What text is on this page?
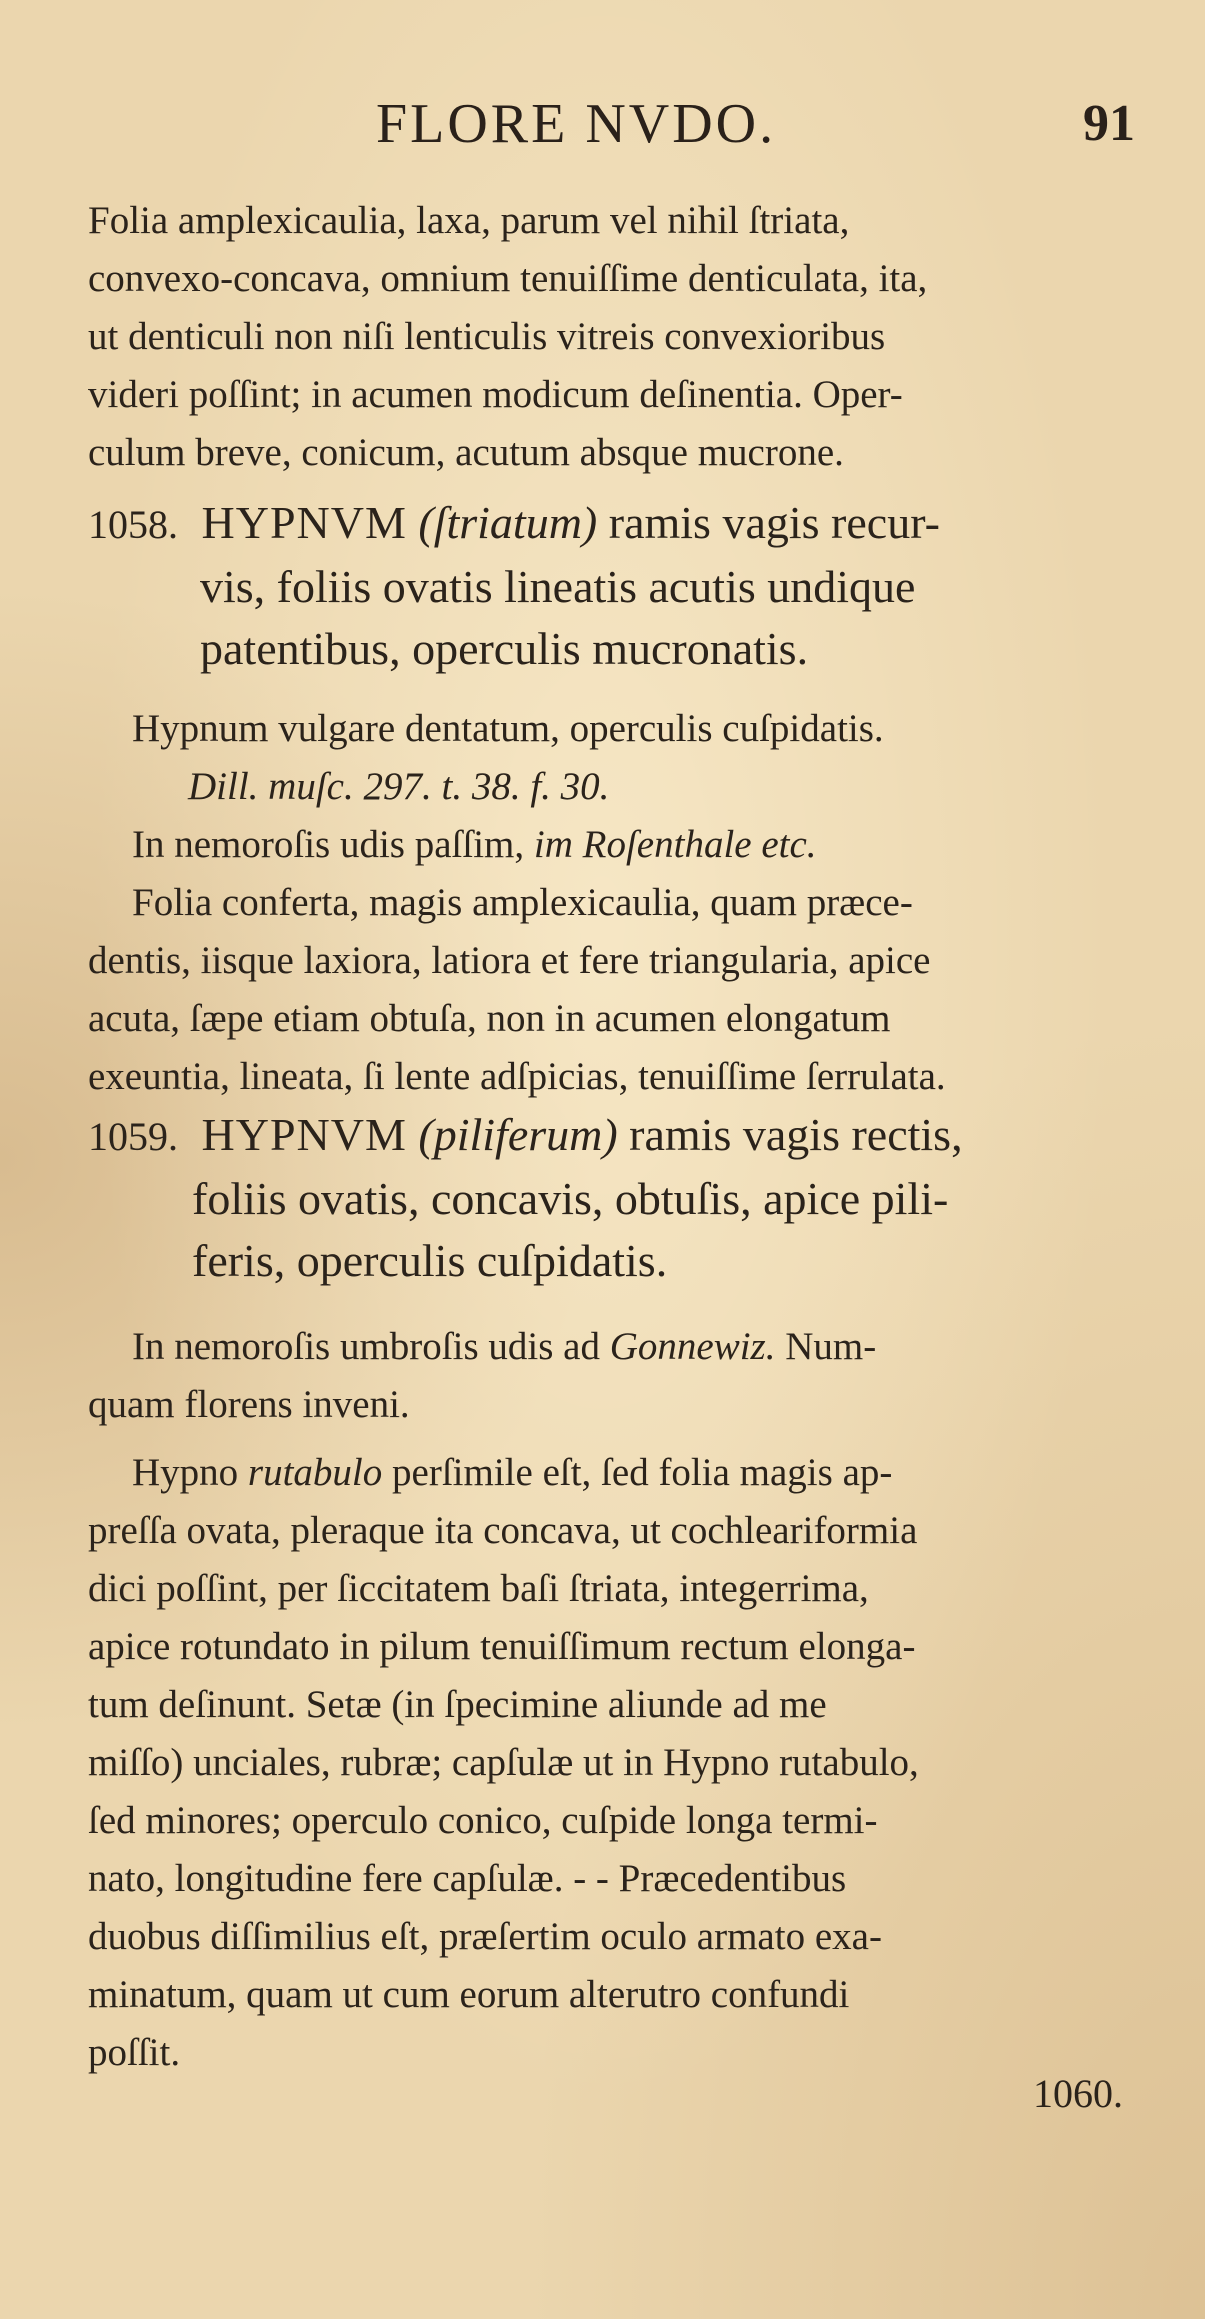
FLORE NVDO.	91
Folia amplexicaulia, laxa, parum vel nihil ſtriata,
convexo-concava, omnium tenuiſſime denticulata, ita,
ut denticuli non niſi lenticulis vitreis convexioribus
videri poſſint; in acumen modicum deſinentia. Oper-
culum breve, conicum, acutum absque mucrone.
1058. HYPNVM (ſtriatum) ramis vagis recur-
vis, foliis ovatis lineatis acutis undique
patentibus, operculis mucronatis.
Hypnum vulgare dentatum, operculis cuſpidatis.
Dill. muſc. 297. t. 38. f. 30.
In nemoroſis udis paſſim, im Roſenthale etc.
Folia conferta, magis amplexicaulia, quam præce-
dentis, iisque laxiora, latiora et fere triangularia, apice
acuta, ſæpe etiam obtuſa, non in acumen elongatum
exeuntia, lineata, ſi lente adſpicias, tenuiſſime ſerrulata.
1059. HYPNVM (piliferum) ramis vagis rectis,
foliis ovatis, concavis, obtuſis, apice pili-
feris, operculis cuſpidatis.
In nemoroſis umbroſis udis ad Gonnewiz. Num-
quam florens inveni.
Hypno rutabulo perſimile eſt, ſed folia magis ap-
preſſa ovata, pleraque ita concava, ut cochleariformia
dici poſſint, per ſiccitatem baſi ſtriata, integerrima,
apice rotundato in pilum tenuiſſimum rectum elonga-
tum deſinunt. Setæ (in ſpecimine aliunde ad me
miſſo) unciales, rubræ; capſulæ ut in Hypno rutabulo,
ſed minores; operculo conico, cuſpide longa termi-
nato, longitudine fere capſulæ. - - Præcedentibus
duobus diſſimilius eſt, præſertim oculo armato exa-
minatum, quam ut cum eorum alterutro confundi
poſſit.
1060.
